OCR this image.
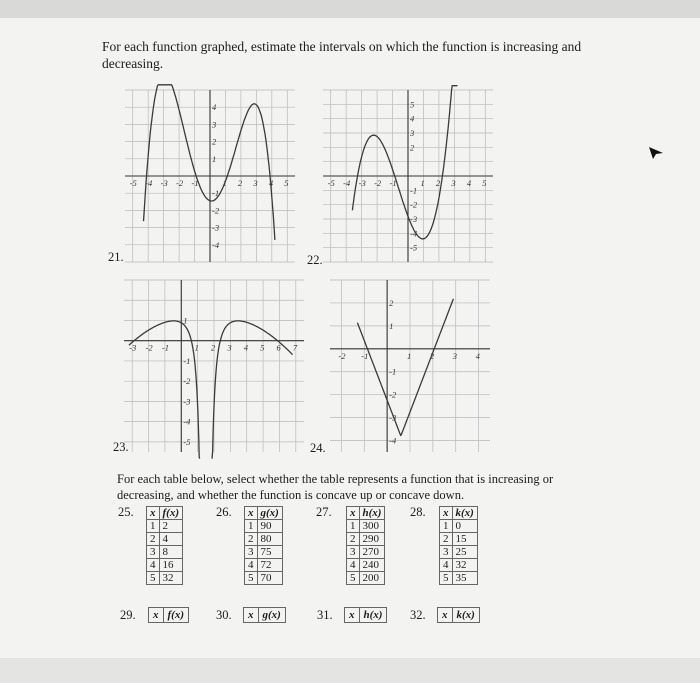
For each function graphed, estimate the intervals on which the function is increasing and decreasing.
-5 -4 -3 -2 -1	1 2 3 4 5
4
3
2
1
-1
-2
-3
-4
21.
-5 -4 -3 -2 -1	1 2 3 4 5
5
4
3
2
-1
-2
-3
-4
-5
22.
-3 -2 -1	1 2 3 4 5 6 7
1
-1
-2
-3
-4
-5
23.
-2 -1	1 2 3 4
2
1
-1
-2
-3
-4
24.
For each table below, select whether the table represents a function that is increasing or decreasing, and whether the function is concave up or concave down.
25. x	f(x)
1	2
2	4
3	8
4	16
5	32
26. x	g(x)
1	90
2	80
3	75
4	72
5	70
27. x	h(x)
1	300
2	290
3	270
4	240
5	200
28. x	k(x)
1	0
2	15
3	25
4	32
5	35
29. x	f(x)	30. x	g(x)	31. x	h(x) 32. x	k(x)
